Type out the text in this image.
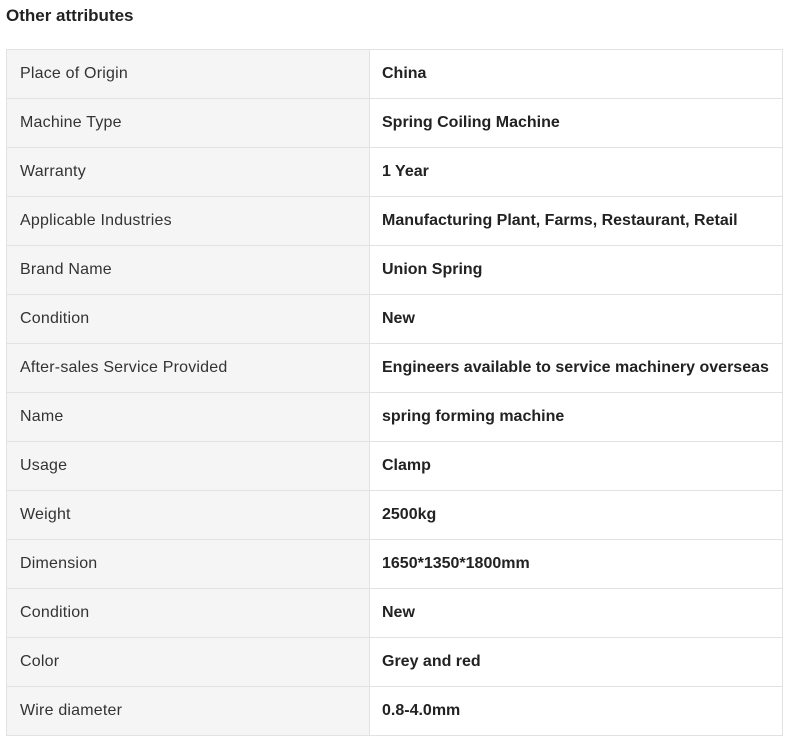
Other attributes
Place of Origin	China
Machine Type	Spring Coiling Machine
Warranty	1 Year
Applicable Industries	Manufacturing Plant, Farms, Restaurant, Retail
Brand Name	Union Spring
Condition	New
After-sales Service Provided	Engineers available to service machinery overseas
Name	spring forming machine
Usage	Clamp
Weight	2500kg
Dimension	1650*1350*1800mm
Condition	New
Color	Grey and red
Wire diameter	0.8-4.0mm
